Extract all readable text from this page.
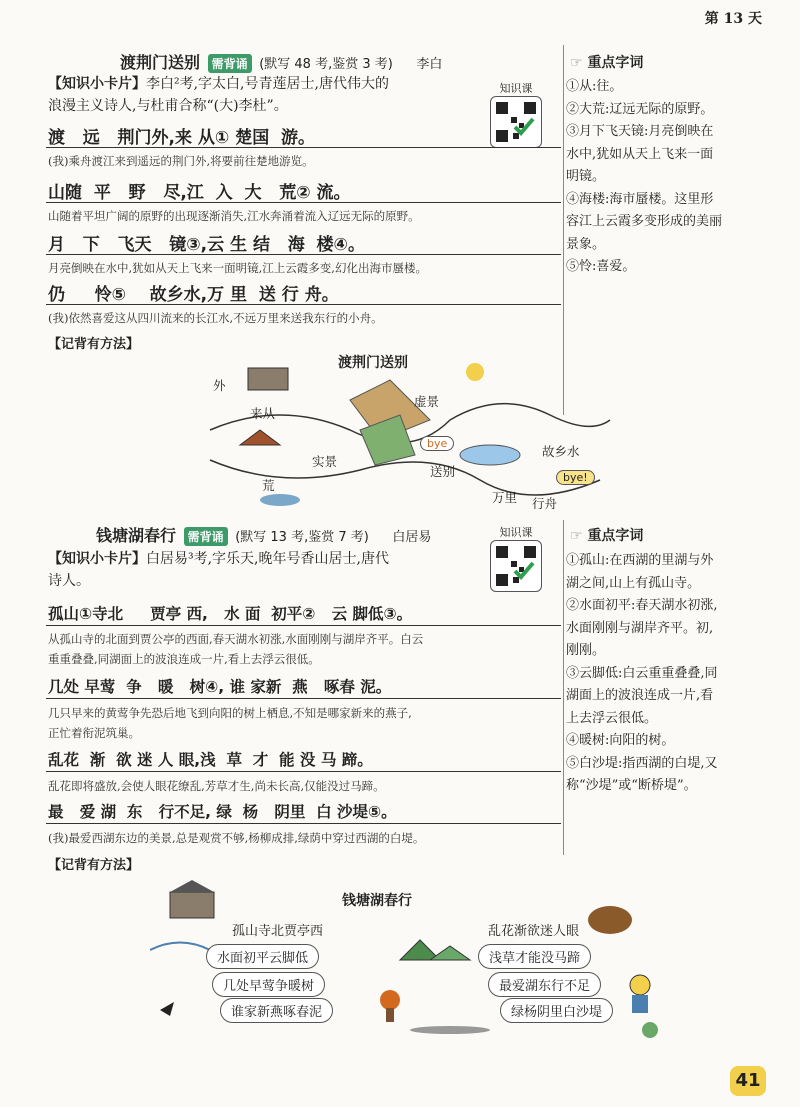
第 13 天
渡荆门送别 需背诵 (默写 48 考,鉴赏 3 考) 李白
【知识小卡片】李白²考,字太白,号青莲居士,唐代伟大的
浪漫主义诗人,与杜甫合称“(大)李杜”。
知识课
渡   远   荆门外,来 从① 楚国  游。
(我)乘舟渡江来到遥远的荆门外,将要前往楚地游览。
山随  平   野   尽,江  入  大   荒② 流。
山随着平坦广阔的原野的出现逐渐消失,江水奔涌着流入辽远无际的原野。
月   下   飞天   镜③,云 生 结   海  楼④。
月亮倒映在水中,犹如从天上飞来一面明镜,江上云霞多变,幻化出海市蜃楼。
仍     怜⑤    故乡水,万 里  送 行 舟。
(我)依然喜爱这从四川流来的长江水,不远万里来送我东行的小舟。
【记背有方法】
渡荆门送别
外
来从
荒
实景
虚景
故乡水
送别
万里 行舟
bye
bye!
☞ 重点字词
①从:往。
②大荒:辽远无际的原野。
③月下飞天镜:月亮倒映在
水中,犹如从天上飞来一面
明镜。
④海楼:海市蜃楼。这里形
容江上云霞多变形成的美丽
景象。
⑤怜:喜爱。
钱塘湖春行 需背诵 (默写 13 考,鉴赏 7 考) 白居易
【知识小卡片】白居易³考,字乐天,晚年号香山居士,唐代
诗人。
知识课
孤山①寺北     贾亭 西,   水 面  初平②   云 脚低③。
从孤山寺的北面到贾公亭的西面,春天湖水初涨,水面刚刚与湖岸齐平。白云
重重叠叠,同湖面上的波浪连成一片,看上去浮云很低。
几处 早莺  争   暖   树④, 谁 家新  燕   啄春 泥。
几只早来的黄莺争先恐后地飞到向阳的树上栖息,不知是哪家新来的燕子,
正忙着衔泥筑巢。
乱花  渐  欲 迷 人 眼,浅  草  才  能 没 马 蹄。
乱花即将盛放,会使人眼花缭乱,芳草才生,尚未长高,仅能没过马蹄。
最   爱 湖  东   行不足, 绿  杨   阴里  白 沙堤⑤。
(我)最爱西湖东边的美景,总是观赏不够,杨柳成排,绿荫中穿过西湖的白堤。
【记背有方法】
☞ 重点字词
①孤山:在西湖的里湖与外
湖之间,山上有孤山寺。
②水面初平:春天湖水初涨,
水面刚刚与湖岸齐平。初,
刚刚。
③云脚低:白云重重叠叠,同
湖面上的波浪连成一片,看
上去浮云很低。
④暖树:向阳的树。
⑤白沙堤:指西湖的白堤,又
称“沙堤”或“断桥堤”。
钱塘湖春行
孤山寺北贾亭西
水面初平云脚低
几处早莺争暖树
谁家新燕啄春泥
乱花渐欲迷人眼
浅草才能没马蹄
最爱湖东行不足
绿杨阴里白沙堤
41
